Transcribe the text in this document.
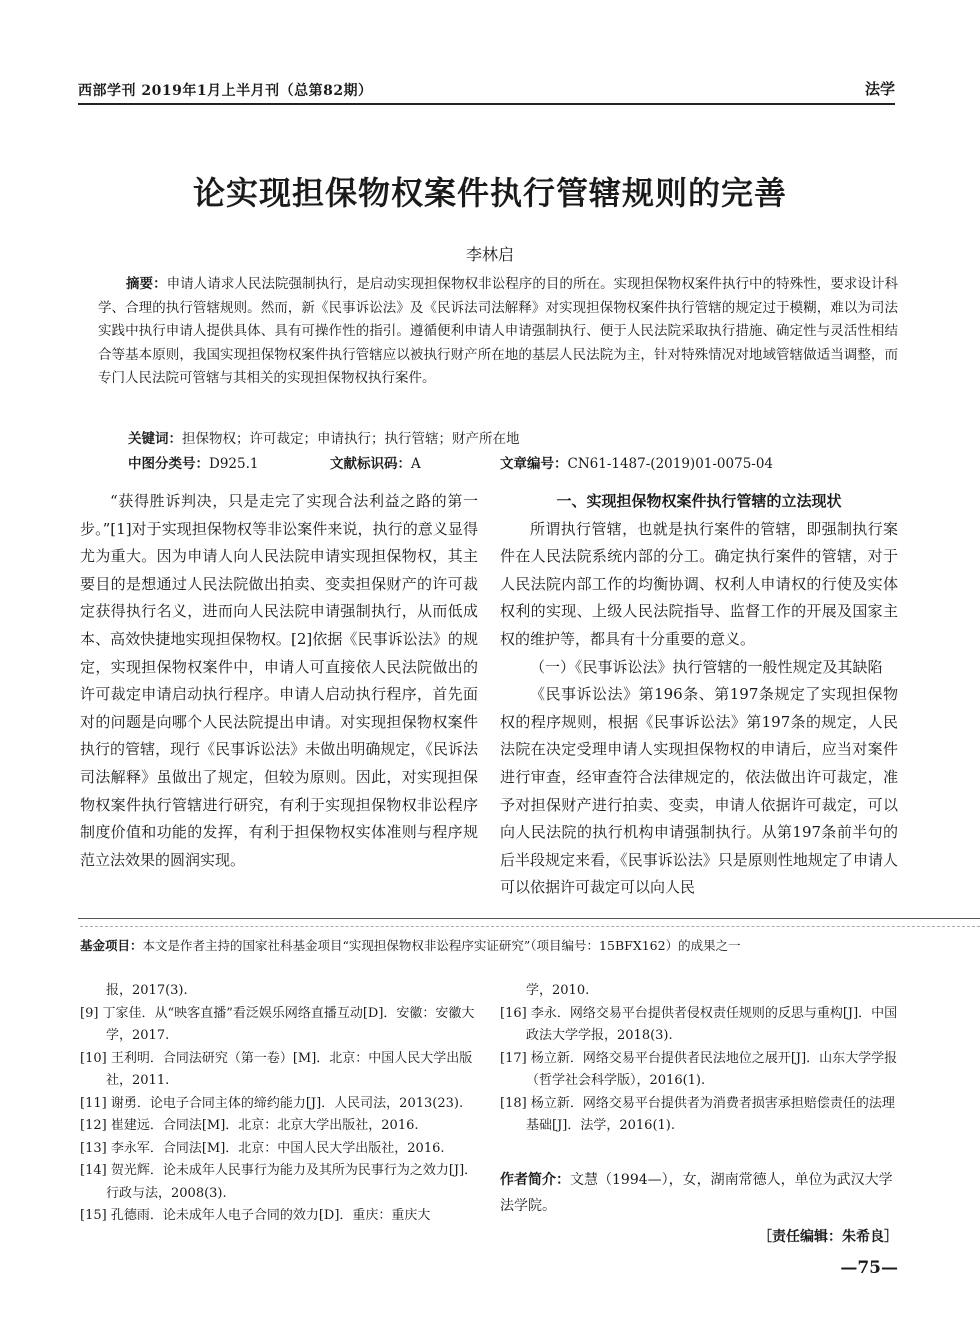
西部学刊 2019年1月上半月刊（总第82期）	法学
论实现担保物权案件执行管辖规则的完善
李林启
摘要：申请人请求人民法院强制执行，是启动实现担保物权非讼程序的目的所在。实现担保物权案件执行中的特殊性，要求设计科学、合理的执行管辖规则。然而，新《民事诉讼法》及《民诉法司法解释》对实现担保物权案件执行管辖的规定过于模糊，难以为司法实践中执行申请人提供具体、具有可操作性的指引。遵循便利申请人申请强制执行、便于人民法院采取执行措施、确定性与灵活性相结合等基本原则，我国实现担保物权案件执行管辖应以被执行财产所在地的基层人民法院为主，针对特殊情况对地域管辖做适当调整，而专门人民法院可管辖与其相关的实现担保物权执行案件。
关键词：担保物权；许可裁定；申请执行；执行管辖；财产所在地
中图分类号：D925.1	文献标识码：A	文章编号：CN61-1487-(2019)01-0075-04

“获得胜诉判决，只是走完了实现合法利益之路的第一步。”[1]对于实现担保物权等非讼案件来说，执行的意义显得尤为重大。因为申请人向人民法院申请实现担保物权，其主要目的是想通过人民法院做出拍卖、变卖担保财产的许可裁定获得执行名义，进而向人民法院申请强制执行，从而低成本、高效快捷地实现担保物权。[2]依据《民事诉讼法》的规定，实现担保物权案件中，申请人可直接依人民法院做出的许可裁定申请启动执行程序。申请人启动执行程序，首先面对的问题是向哪个人民法院提出申请。对实现担保物权案件执行的管辖，现行《民事诉讼法》未做出明确规定，《民诉法司法解释》虽做出了规定，但较为原则。因此，对实现担保物权案件执行管辖进行研究，有利于实现担保物权非讼程序制度价值和功能的发挥，有利于担保物权实体准则与程序规范立法效果的圆润实现。

一、实现担保物权案件执行管辖的立法现状

所谓执行管辖，也就是执行案件的管辖，即强制执行案件在人民法院系统内部的分工。确定执行案件的管辖，对于人民法院内部工作的均衡协调、权利人申请权的行使及实体权利的实现、上级人民法院指导、监督工作的开展及国家主权的维护等，都具有十分重要的意义。

（一）《民事诉讼法》执行管辖的一般性规定及其缺陷

《民事诉讼法》第196条、第197条规定了实现担保物权的程序规则，根据《民事诉讼法》第197条的规定，人民法院在决定受理申请人实现担保物权的申请后，应当对案件进行审查，经审查符合法律规定的，依法做出许可裁定，准予对担保财产进行拍卖、变卖，申请人依据许可裁定，可以向人民法院的执行机构申请强制执行。从第197条前半句的后半段规定来看，《民事诉讼法》只是原则性地规定了申请人可以依据许可裁定可以向人民

基金项目：本文是作者主持的国家社科基金项目“实现担保物权非讼程序实证研究”（项目编号：15BFX162）的成果之一
报，2017(3).
[9] 丁家佳．从“映客直播”看泛娱乐网络直播互动[D]．安徽：安徽大学，2017.
[10] 王利明．合同法研究（第一卷）[M]．北京：中国人民大学出版社，2011.
[11] 谢勇．论电子合同主体的缔约能力[J]．人民司法，2013(23).
[12] 崔建远．合同法[M]．北京：北京大学出版社，2016.
[13] 李永军．合同法[M]．北京：中国人民大学出版社，2016.
[14] 贺光辉．论未成年人民事行为能力及其所为民事行为之效力[J]．行政与法，2008(3).
[15] 孔德雨．论未成年人电子合同的效力[D]．重庆：重庆大
学，2010.
[16] 李永．网络交易平台提供者侵权责任规则的反思与重构[J]．中国政法大学学报，2018(3).
[17] 杨立新．网络交易平台提供者民法地位之展开[J]．山东大学学报（哲学社会科学版），2016(1).
[18] 杨立新．网络交易平台提供者为消费者损害承担赔偿责任的法理基础[J]．法学，2016(1).
作者简介：文慧（1994—），女，湖南常德人，单位为武汉大学法学院。
［责任编辑：朱希良］
—75—
